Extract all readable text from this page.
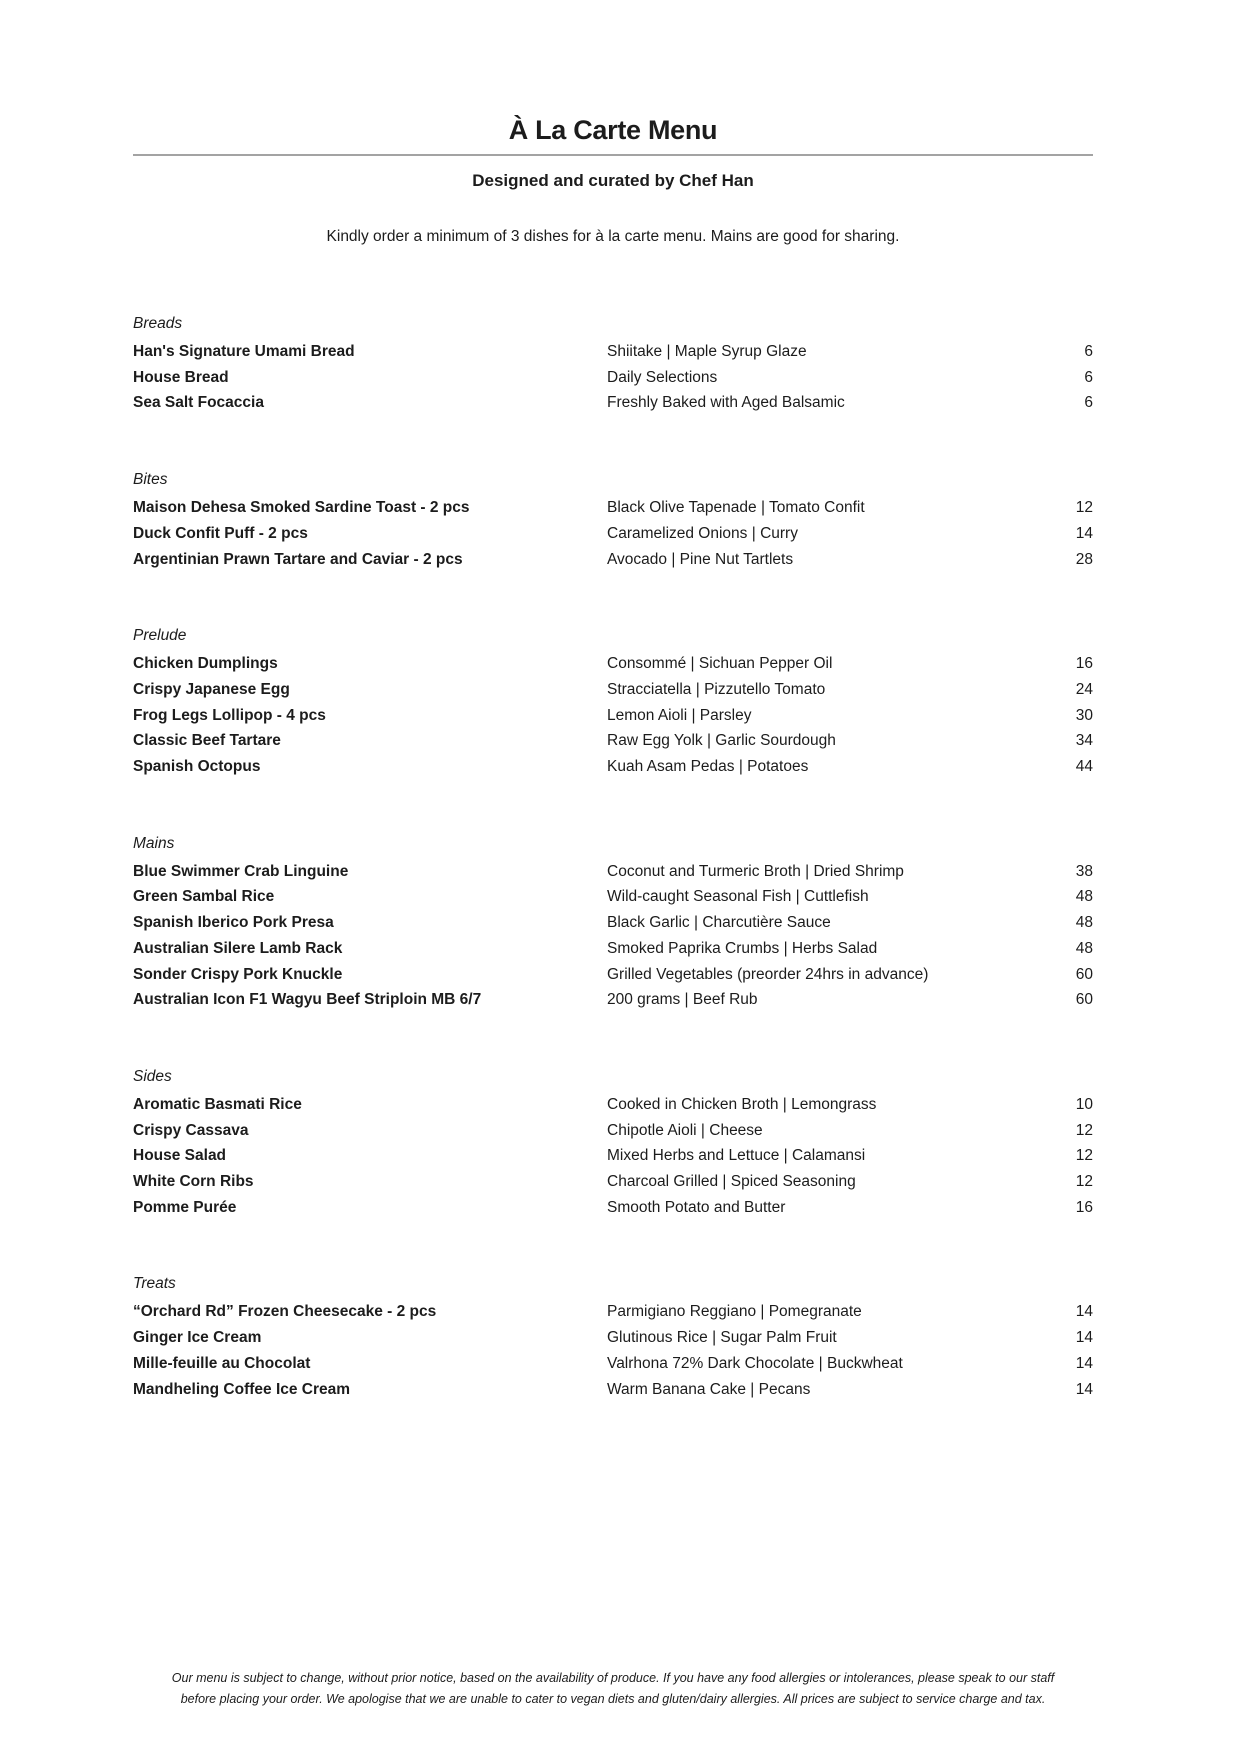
À La Carte Menu
Designed and curated by Chef Han

Kindly order a minimum of 3 dishes for à la carte menu. Mains are good for sharing.

Breads
Han's Signature Umami Bread	Shiitake | Maple Syrup Glaze	6
House Bread	Daily Selections	6
Sea Salt Focaccia	Freshly Baked with Aged Balsamic	6
Bites
Maison Dehesa Smoked Sardine Toast - 2 pcs	Black Olive Tapenade | Tomato Confit	12
Duck Confit Puff - 2 pcs	Caramelized Onions | Curry	14
Argentinian Prawn Tartare and Caviar - 2 pcs	Avocado | Pine Nut Tartlets	28
Prelude
Chicken Dumplings	Consommé | Sichuan Pepper Oil	16
Crispy Japanese Egg	Stracciatella | Pizzutello Tomato	24
Frog Legs Lollipop - 4 pcs	Lemon Aioli | Parsley	30
Classic Beef Tartare	Raw Egg Yolk | Garlic Sourdough	34
Spanish Octopus	Kuah Asam Pedas | Potatoes	44
Mains
Blue Swimmer Crab Linguine	Coconut and Turmeric Broth | Dried Shrimp	38
Green Sambal Rice	Wild-caught Seasonal Fish | Cuttlefish	48
Spanish Iberico Pork Presa	Black Garlic | Charcutière Sauce	48
Australian Silere Lamb Rack	Smoked Paprika Crumbs | Herbs Salad	48
Sonder Crispy Pork Knuckle	Grilled Vegetables (preorder 24hrs in advance)	60
Australian Icon F1 Wagyu Beef Striploin MB 6/7	200 grams | Beef Rub	60
Sides
Aromatic Basmati Rice	Cooked in Chicken Broth | Lemongrass	10
Crispy Cassava	Chipotle Aioli | Cheese	12
House Salad	Mixed Herbs and Lettuce | Calamansi	12
White Corn Ribs	Charcoal Grilled | Spiced Seasoning	12
Pomme Purée	Smooth Potato and Butter	16
Treats
“Orchard Rd” Frozen Cheesecake - 2 pcs	Parmigiano Reggiano | Pomegranate	14
Ginger Ice Cream	Glutinous Rice | Sugar Palm Fruit	14
Mille-feuille au Chocolat	Valrhona 72% Dark Chocolate | Buckwheat	14
Mandheling Coffee Ice Cream	Warm Banana Cake | Pecans	14
Our menu is subject to change, without prior notice, based on the availability of produce. If you have any food allergies or intolerances, please speak to our staff
before placing your order. We apologise that we are unable to cater to vegan diets and gluten/dairy allergies. All prices are subject to service charge and tax.
